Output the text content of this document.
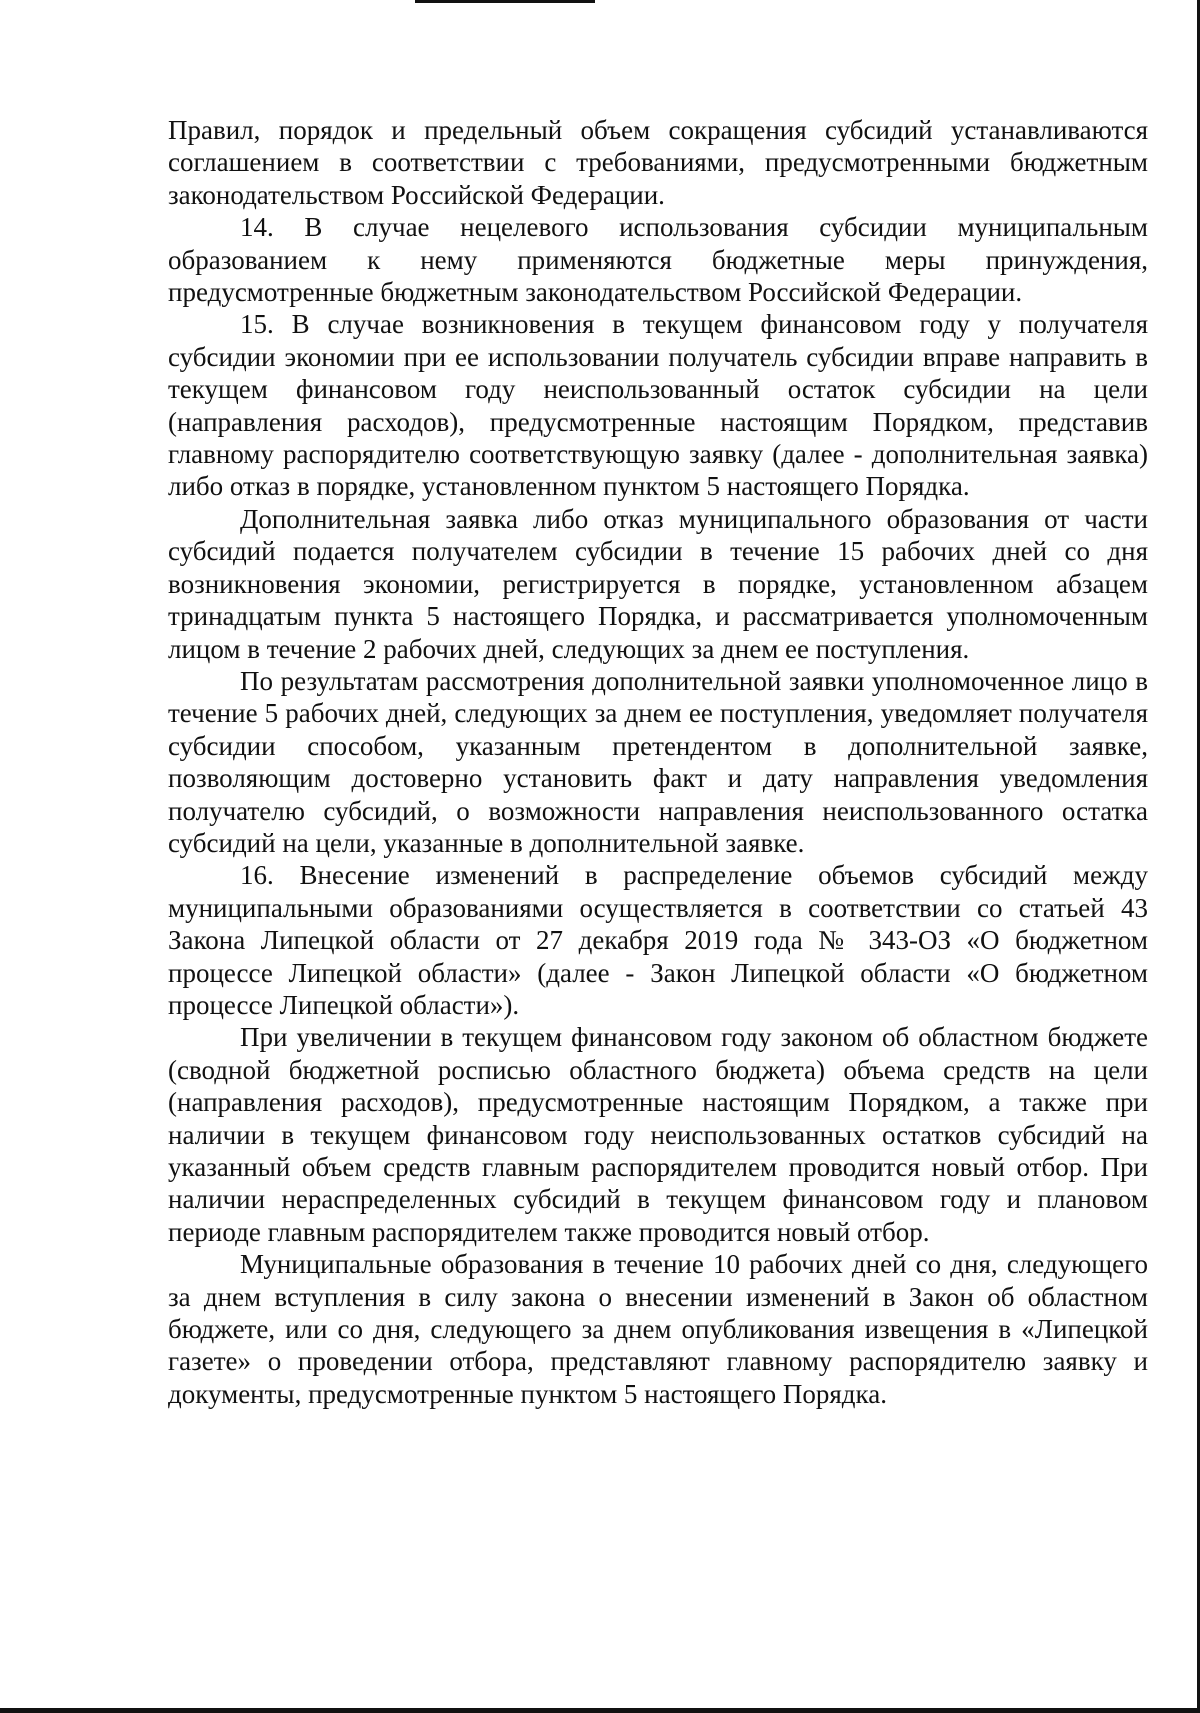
Правил, порядок и предельный объем сокращения субсидий устанавливаются соглашением в соответствии с требованиями, предусмотренными бюджетным законодательством Российской Федерации.

14. В случае нецелевого использования субсидии муниципальным образованием к нему применяются бюджетные меры принуждения, предусмотренные бюджетным законодательством Российской Федерации.

15. В случае возникновения в текущем финансовом году у получателя субсидии экономии при ее использовании получатель субсидии вправе направить в текущем финансовом году неиспользованный остаток субсидии на цели (направления расходов), предусмотренные настоящим Порядком, представив главному распорядителю соответствующую заявку (далее - дополнительная заявка) либо отказ в порядке, установленном пунктом 5 настоящего Порядка.

Дополнительная заявка либо отказ муниципального образования от части субсидий подается получателем субсидии в течение 15 рабочих дней со дня возникновения экономии, регистрируется в порядке, установленном абзацем тринадцатым пункта 5 настоящего Порядка, и рассматривается уполномоченным лицом в течение 2 рабочих дней, следующих за днем ее поступления.

По результатам рассмотрения дополнительной заявки уполномоченное лицо в течение 5 рабочих дней, следующих за днем ее поступления, уведомляет получателя субсидии способом, указанным претендентом в дополнительной заявке, позволяющим достоверно установить факт и дату направления уведомления получателю субсидий, о возможности направления неиспользованного остатка субсидий на цели, указанные в дополнительной заявке.

16. Внесение изменений в распределение объемов субсидий между муниципальными образованиями осуществляется в соответствии со статьей 43 Закона Липецкой области от 27 декабря 2019 года № 343-ОЗ «О бюджетном процессе Липецкой области» (далее - Закон Липецкой области «О бюджетном процессе Липецкой области»).

При увеличении в текущем финансовом году законом об областном бюджете (сводной бюджетной росписью областного бюджета) объема средств на цели (направления расходов), предусмотренные настоящим Порядком, а также при наличии в текущем финансовом году неиспользованных остатков субсидий на указанный объем средств главным распорядителем проводится новый отбор. При наличии нераспределенных субсидий в текущем финансовом году и плановом периоде главным распорядителем также проводится новый отбор.

Муниципальные образования в течение 10 рабочих дней со дня, следующего за днем вступления в силу закона о внесении изменений в Закон об областном бюджете, или со дня, следующего за днем опубликования извещения в «Липецкой газете» о проведении отбора, представляют главному распорядителю заявку и документы, предусмотренные пунктом 5 настоящего Порядка.
